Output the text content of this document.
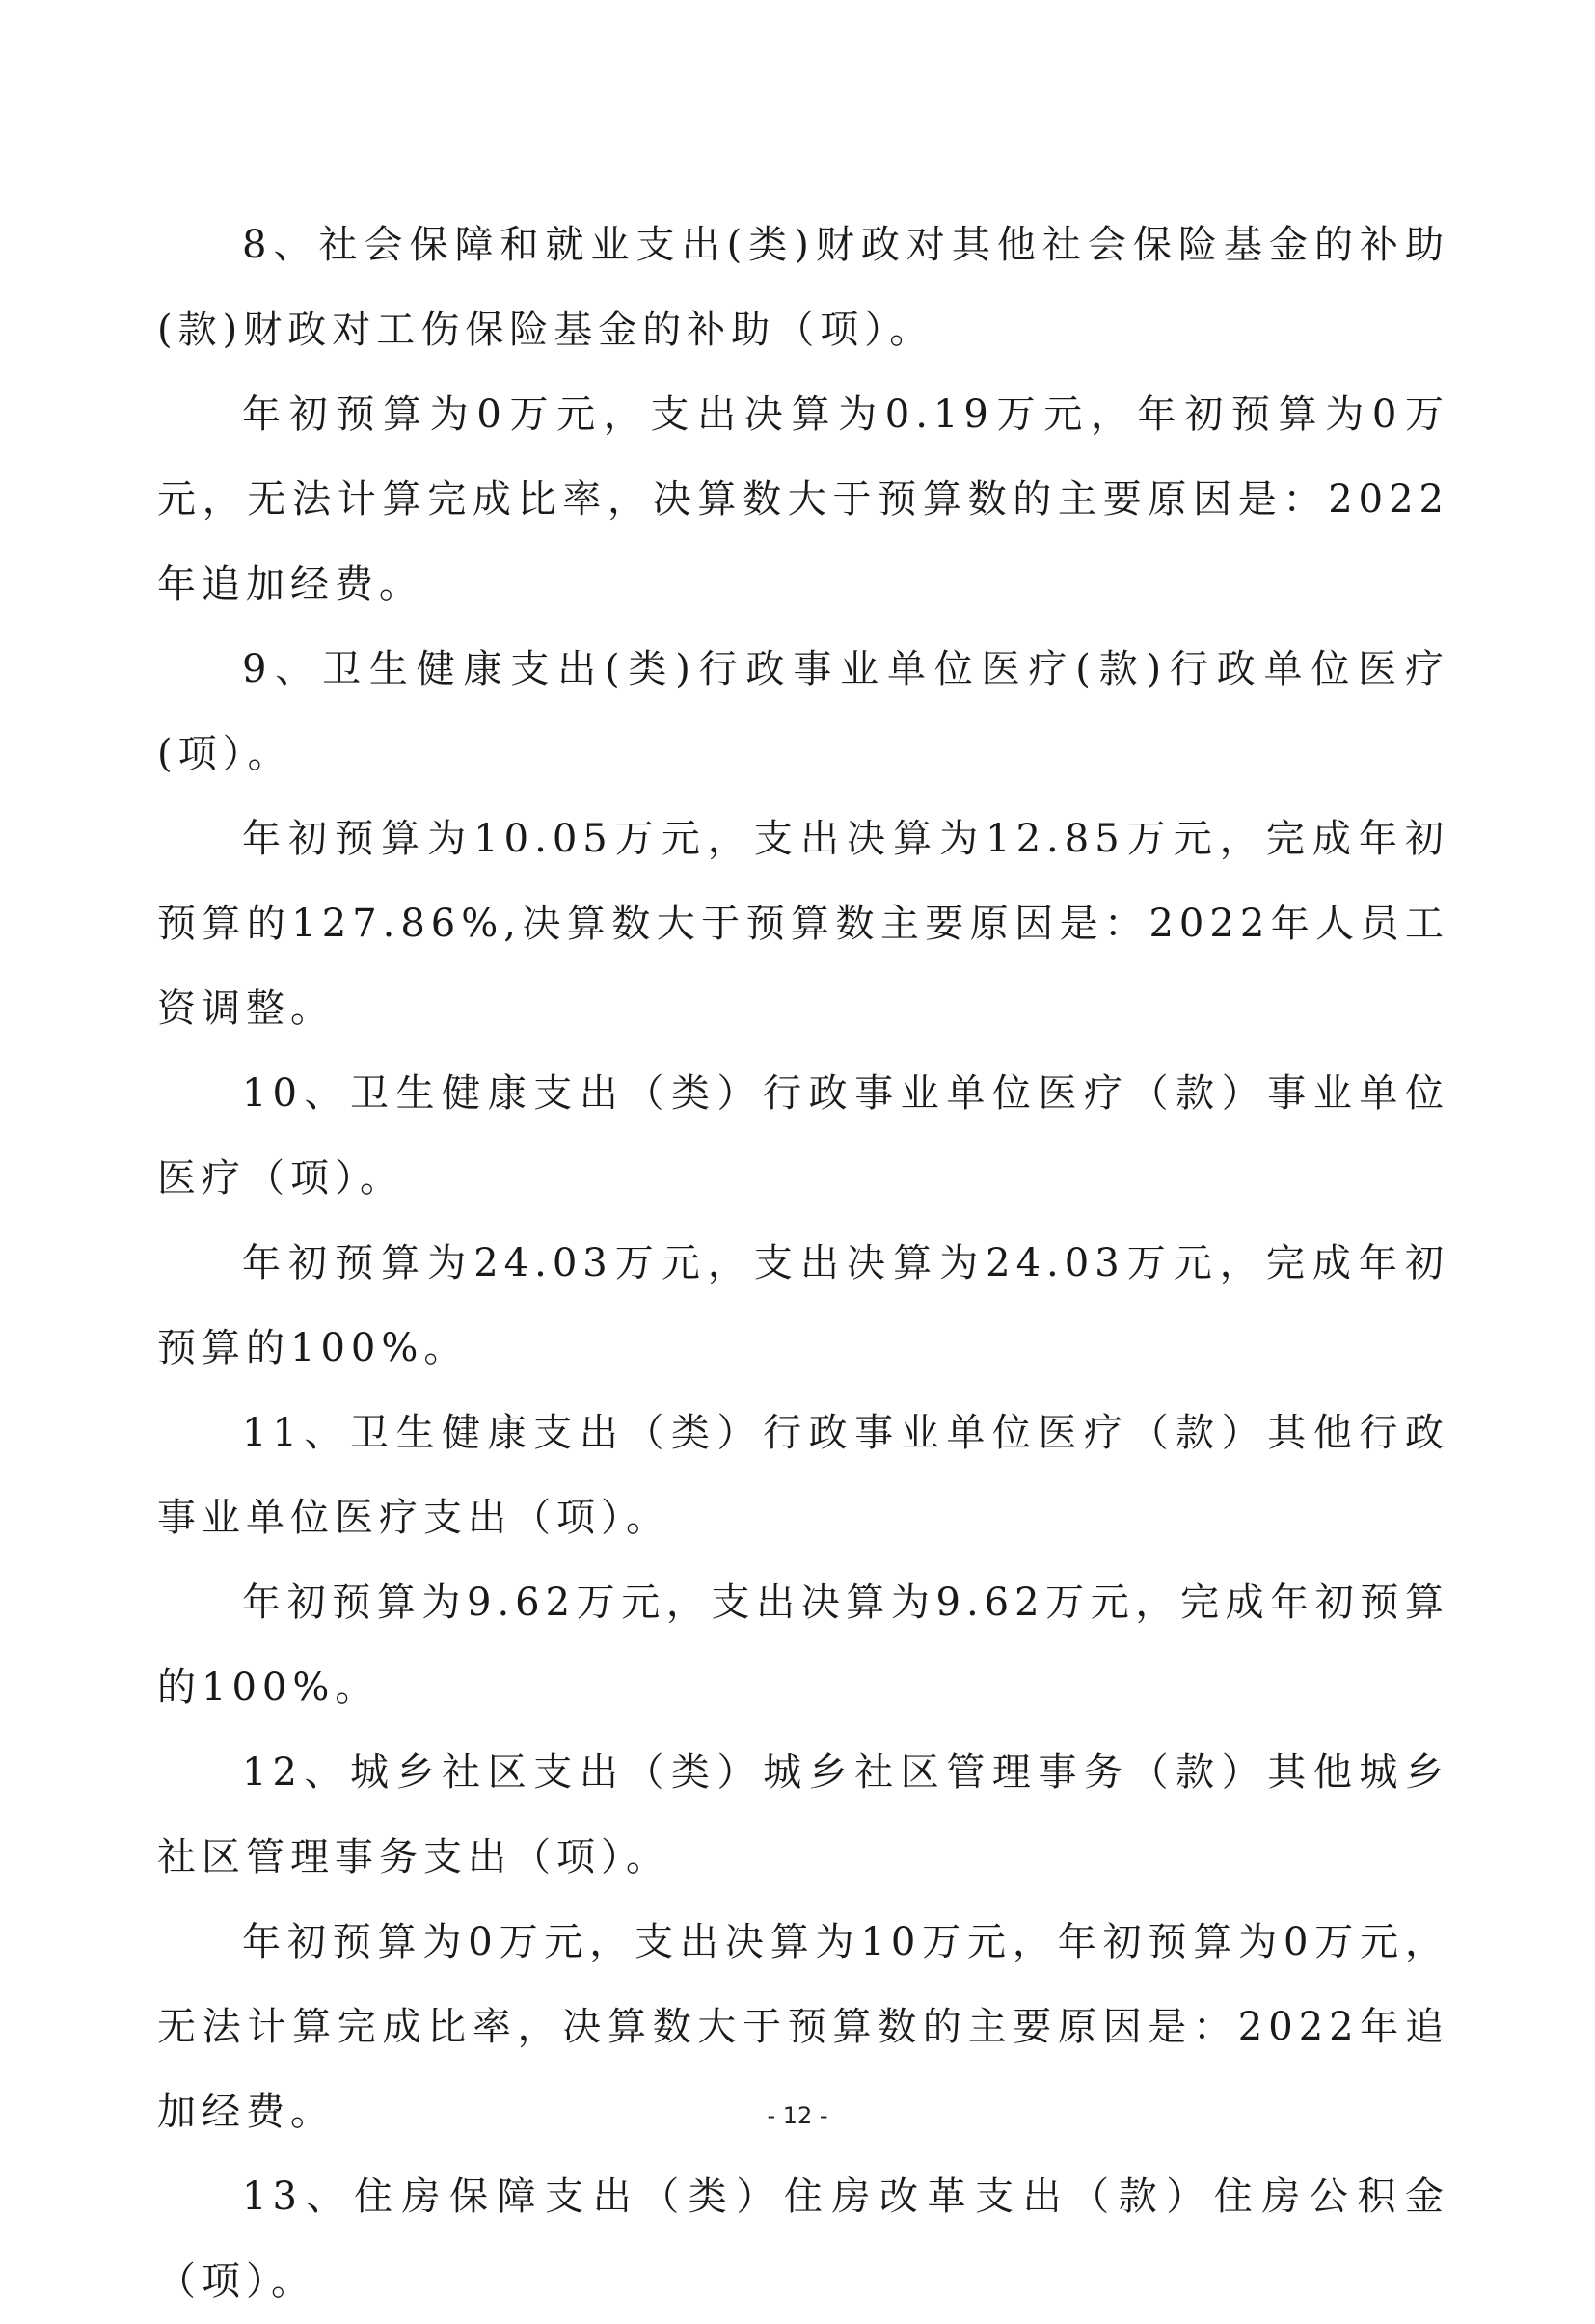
8、社会保障和就业支出(类)财政对其他社会保险基金的补助(款)财政对工伤保险基金的补助（项）。

年初预算为0万元，支出决算为0.19万元，年初预算为0万元，无法计算完成比率，决算数大于预算数的主要原因是：2022年追加经费。

9、卫生健康支出(类)行政事业单位医疗(款)行政单位医疗(项）。

年初预算为10.05万元，支出决算为12.85万元，完成年初预算的127.86%,决算数大于预算数主要原因是：2022年人员工资调整。

10、卫生健康支出（类）行政事业单位医疗（款）事业单位医疗（项）。

年初预算为24.03万元，支出决算为24.03万元，完成年初预算的100%。

11、卫生健康支出（类）行政事业单位医疗（款）其他行政事业单位医疗支出（项）。

年初预算为9.62万元，支出决算为9.62万元，完成年初预算的100%。

12、城乡社区支出（类）城乡社区管理事务（款）其他城乡社区管理事务支出（项）。

年初预算为0万元，支出决算为10万元，年初预算为0万元，无法计算完成比率，决算数大于预算数的主要原因是：2022年追加经费。

13、住房保障支出（类）住房改革支出（款）住房公积金（项）。

- 12 -
